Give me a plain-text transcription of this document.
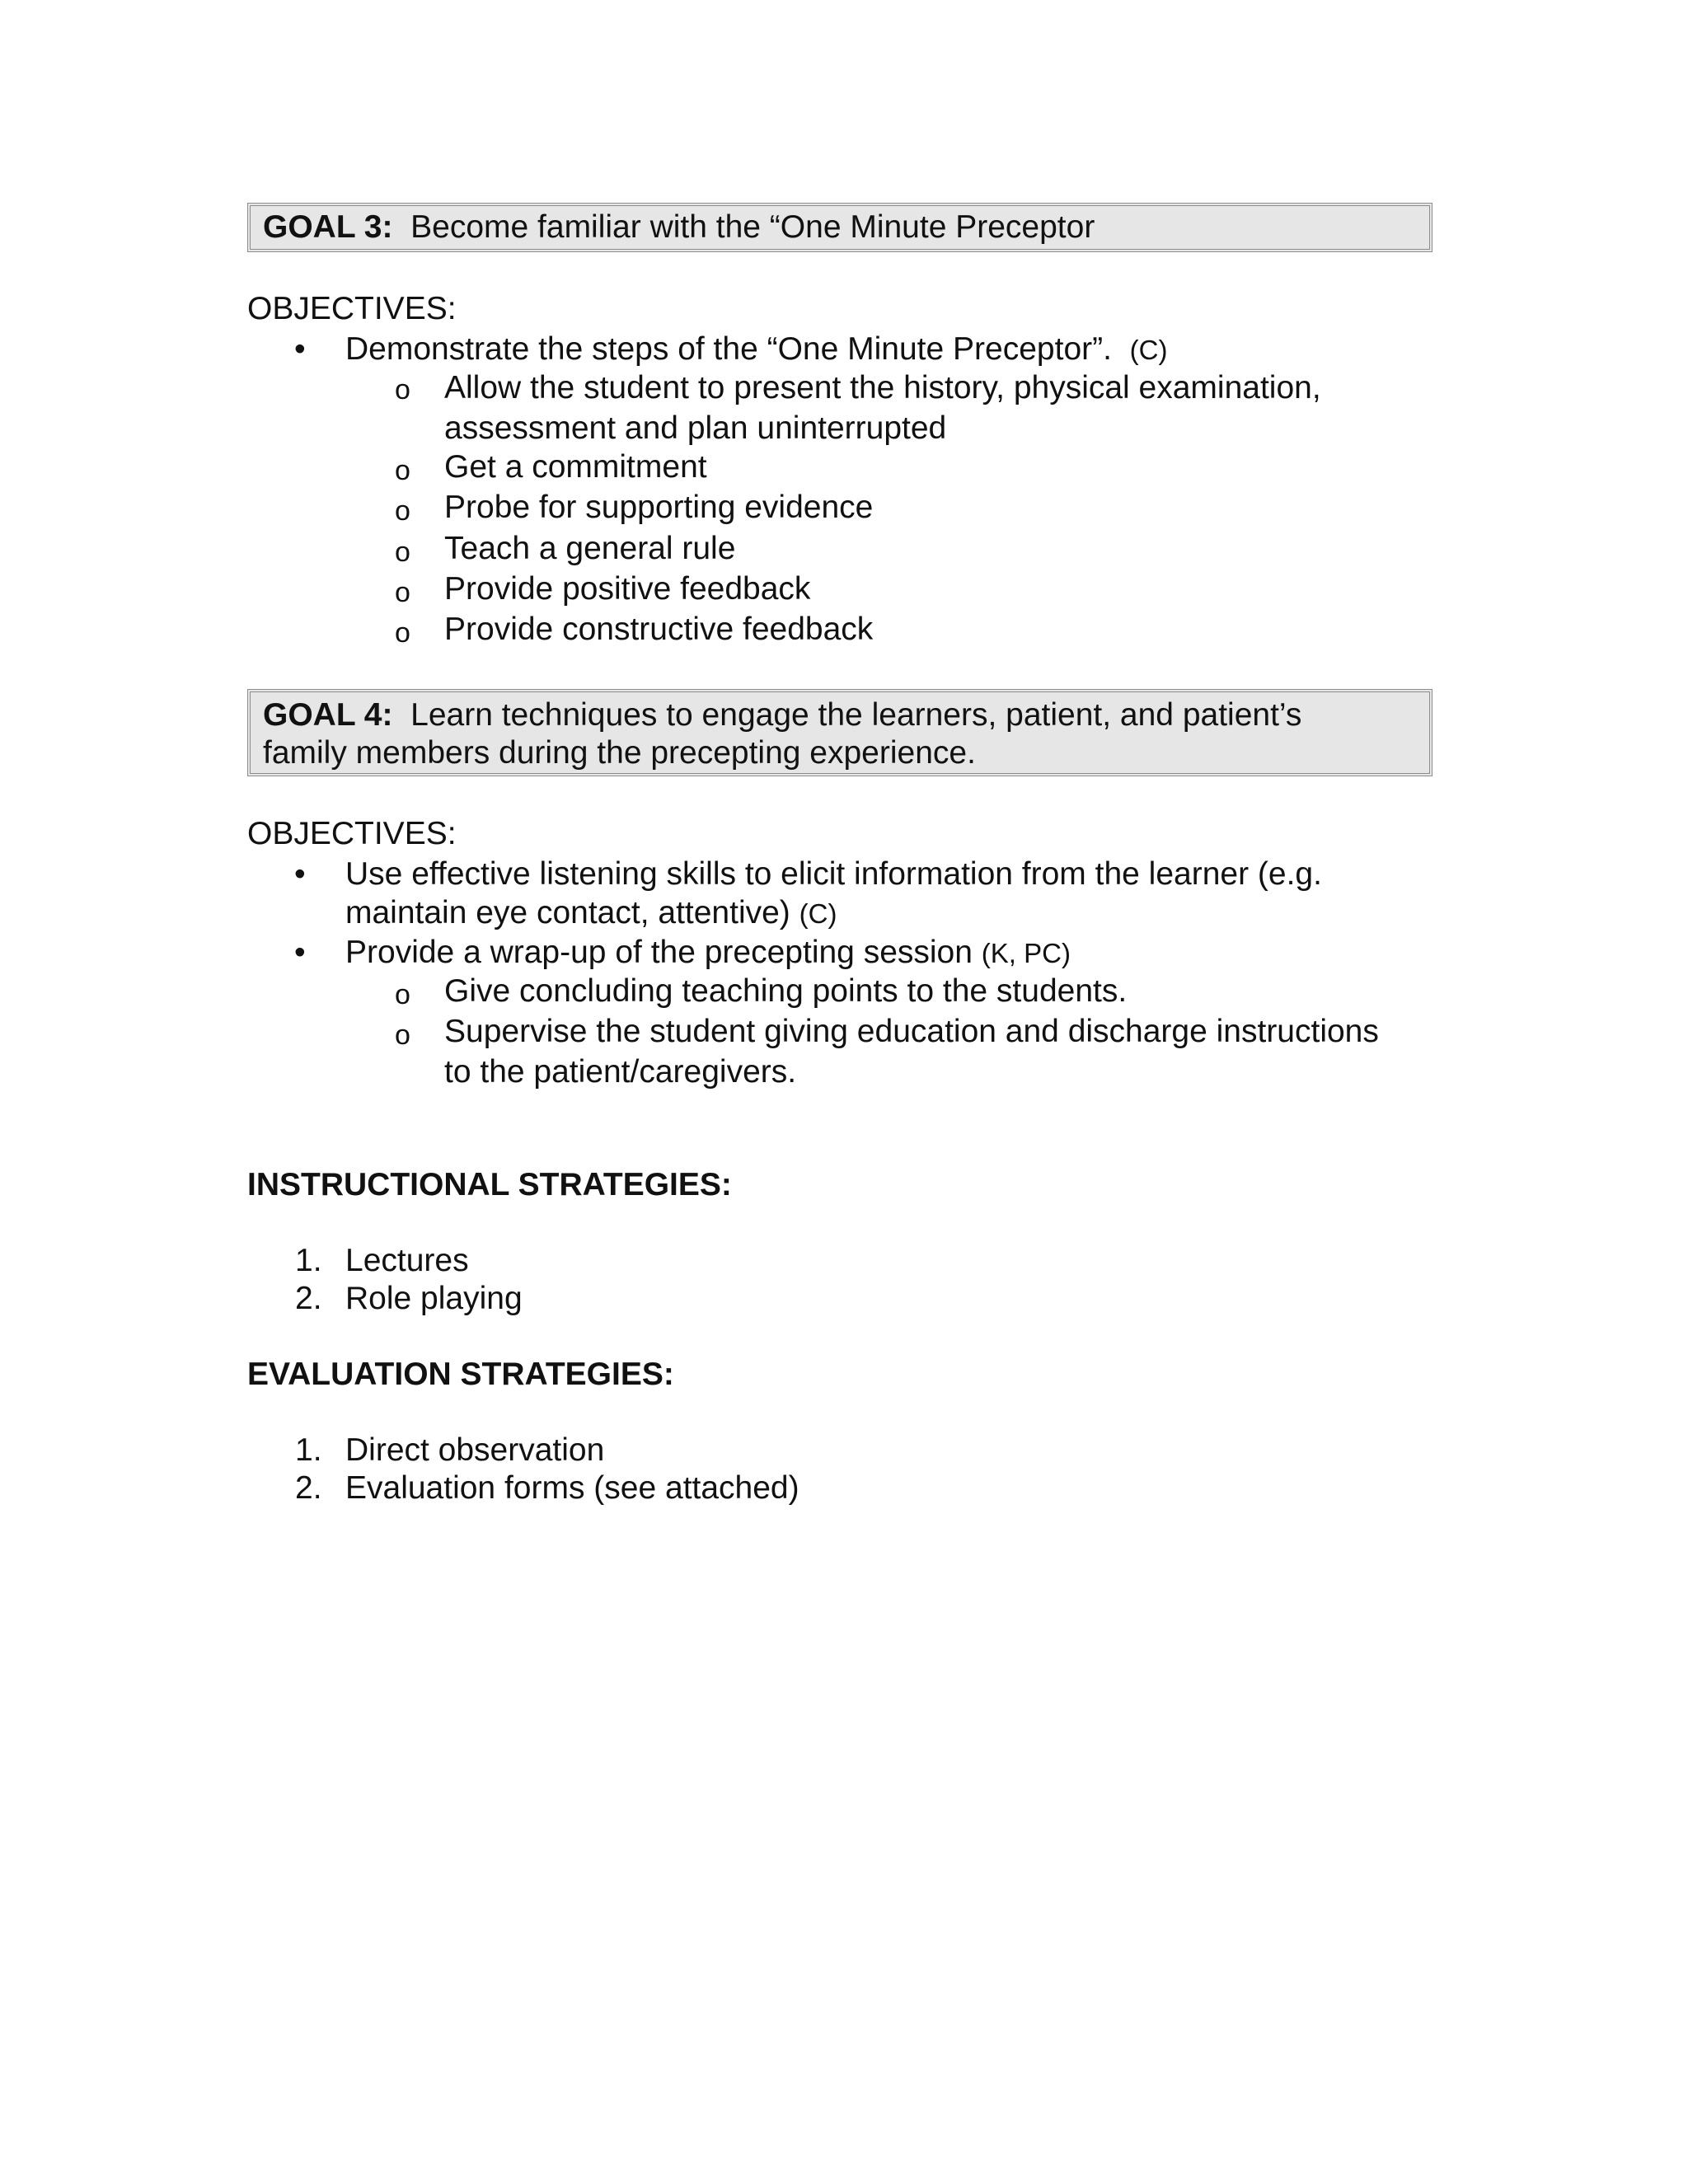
GOAL 3: Become familiar with the “One Minute Preceptor
OBJECTIVES:
• Demonstrate the steps of the “One Minute Preceptor”. (C)
o Allow the student to present the history, physical examination,
assessment and plan uninterrupted
o Get a commitment
o Probe for supporting evidence
o Teach a general rule
o Provide positive feedback
o Provide constructive feedback
GOAL 4: Learn techniques to engage the learners, patient, and patient’s
family members during the precepting experience.
OBJECTIVES:
• Use effective listening skills to elicit information from the learner (e.g.
maintain eye contact, attentive) (C)
• Provide a wrap-up of the precepting session (K, PC)
o Give concluding teaching points to the students.
o Supervise the student giving education and discharge instructions
to the patient/caregivers.
INSTRUCTIONAL STRATEGIES:
1. Lectures
2. Role playing
EVALUATION STRATEGIES:
1. Direct observation
2. Evaluation forms (see attached)
